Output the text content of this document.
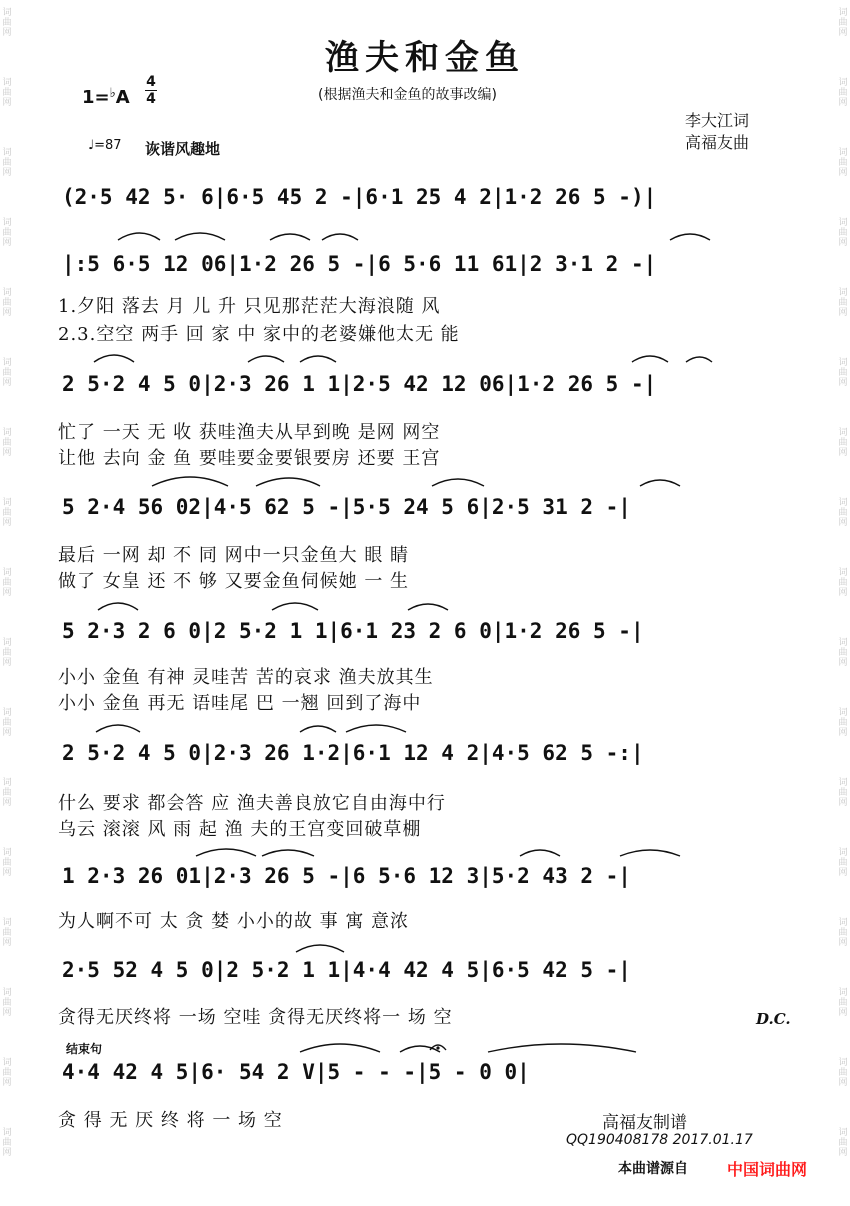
词曲网
词曲网
词曲网
词曲网
词曲网
词曲网
词曲网
词曲网
词曲网
词曲网
词曲网
词曲网
词曲网
词曲网
词曲网
词曲网
词曲网
词曲网
词曲网
词曲网
词曲网
词曲网
词曲网
词曲网
词曲网
词曲网
词曲网
词曲网
词曲网
词曲网
词曲网
词曲网
词曲网
词曲网
渔夫和金鱼
1=♭A
4
4	(根据渔夫和金鱼的故事改编)
李大江词
高福友曲
♩=87 诙谐风趣地
(2·5 42 5· 6|6·5 45 2 -|6·1 25 4 2|1·2 26 5 -)|
|:5 6·5 12 06|1·2 26 5 -|6 5·6 11 61|2 3·1 2 -|
1.夕阳 落去 月 儿 升 只见那茫茫大海浪随 风
2.3.空空 两手 回 家 中 家中的老婆嫌他太无 能
2 5·2 4 5 0|2·3 26 1 1|2·5 42 12 06|1·2 26 5 -|
忙了 一天 无 收 获哇渔夫从早到晚 是网 网空
让他 去向 金 鱼 要哇要金要银要房 还要 王宫
5 2·4 56 02|4·5 62 5 -|5·5 24 5 6|2·5 31 2 -|
最后 一网 却 不 同 网中一只金鱼大 眼 睛
做了 女皇 还 不 够 又要金鱼伺候她 一 生
5 2·3 2 6 0|2 5·2 1 1|6·1 23 2 6 0|1·2 26 5 -|
小小 金鱼 有神 灵哇苦 苦的哀求 渔夫放其生
小小 金鱼 再无 语哇尾 巴 一翘 回到了海中
2 5·2 4 5 0|2·3 26 1·2|6·1 12 4 2|4·5 62 5 -:|
什么 要求 都会答 应 渔夫善良放它自由海中行
乌云 滚滚 风 雨 起 渔 夫的王宫变回破草棚
1 2·3 26 01|2·3 26 5 -|6 5·6 12 3|5·2 43 2 -|
为人啊不可 太 贪 婪 小小的故 事 寓 意浓
2·5 52 4 5 0|2 5·2 1 1|4·4 42 4 5|6·5 42 5 -|
贪得无厌终将 一场 空哇 贪得无厌终将一 场 空	D.C.
结束句
4·4 42 4 5|6· 54 2 V|5 - - -|5 - 0 0|
贪 得 无 厌 终 将 一 场 空	高福友制谱
QQ190408178 2017.01.17
本曲谱源自 中国词曲网
